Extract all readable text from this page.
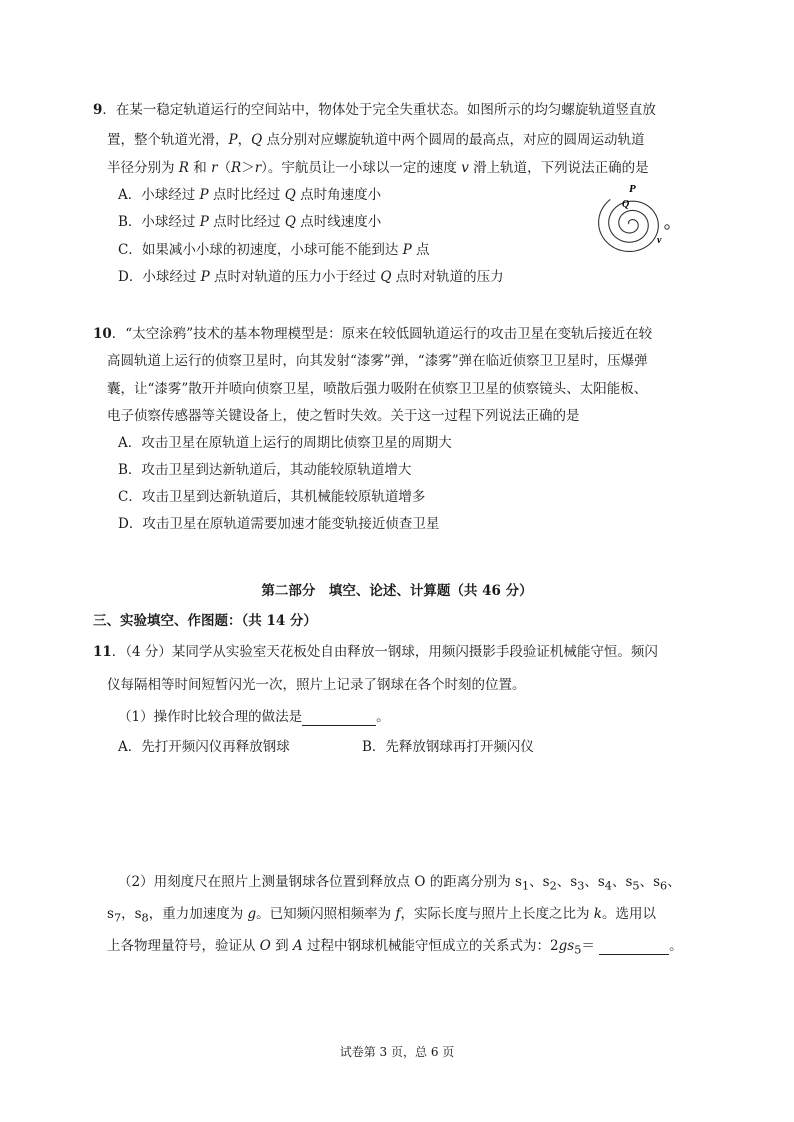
9．在某一稳定轨道运行的空间站中，物体处于完全失重状态。如图所示的均匀螺旋轨道竖直放
置，整个轨道光滑，P，Q 点分别对应螺旋轨道中两个圆周的最高点，对应的圆周运动轨道
半径分别为 R 和 r（R＞r）。宇航员让一小球以一定的速度 v 滑上轨道，下列说法正确的是
A．小球经过 P 点时比经过 Q 点时角速度小
B．小球经过 P 点时比经过 Q 点时线速度小
C．如果减小小球的初速度，小球可能不能到达 P 点
D．小球经过 P 点时对轨道的压力小于经过 Q 点时对轨道的压力
P
Q
v
10．“太空涂鸦”技术的基本物理模型是：原来在较低圆轨道运行的攻击卫星在变轨后接近在较
高圆轨道上运行的侦察卫星时，向其发射“漆雾”弹，“漆雾”弹在临近侦察卫卫星时，压爆弹
囊，让“漆雾”散开并喷向侦察卫星，喷散后强力吸附在侦察卫卫星的侦察镜头、太阳能板、
电子侦察传感器等关键设备上，使之暂时失效。关于这一过程下列说法正确的是
A．攻击卫星在原轨道上运行的周期比侦察卫星的周期大
B．攻击卫星到达新轨道后，其动能较原轨道增大
C．攻击卫星到达新轨道后，其机械能较原轨道增多
D．攻击卫星在原轨道需要加速才能变轨接近侦查卫星
第二部分　填空、论述、计算题（共 46 分）
三、实验填空、作图题：（共 14 分）
11．（4 分）某同学从实验室天花板处自由释放一钢球，用频闪摄影手段验证机械能守恒。频闪
仪每隔相等时间短暂闪光一次，照片上记录了钢球在各个时刻的位置。
（1）操作时比较合理的做法是	。
A．先打开频闪仪再释放钢球	B．先释放钢球再打开频闪仪
（2）用刻度尺在照片上测量钢球各位置到释放点 O 的距离分别为 $s_1$、$s_2$、$s_3$、$s_4$、$s_5$、$s_6$、
$s_7$，$s_8$，重力加速度为 g。已知频闪照相频率为 f，实际长度与照片上长度之比为 k。选用以
上各物理量符号，验证从 O 到 A 过程中钢球机械能守恒成立的关系式为：$2gs_5=$	。
试卷第 3 页，总 6 页
